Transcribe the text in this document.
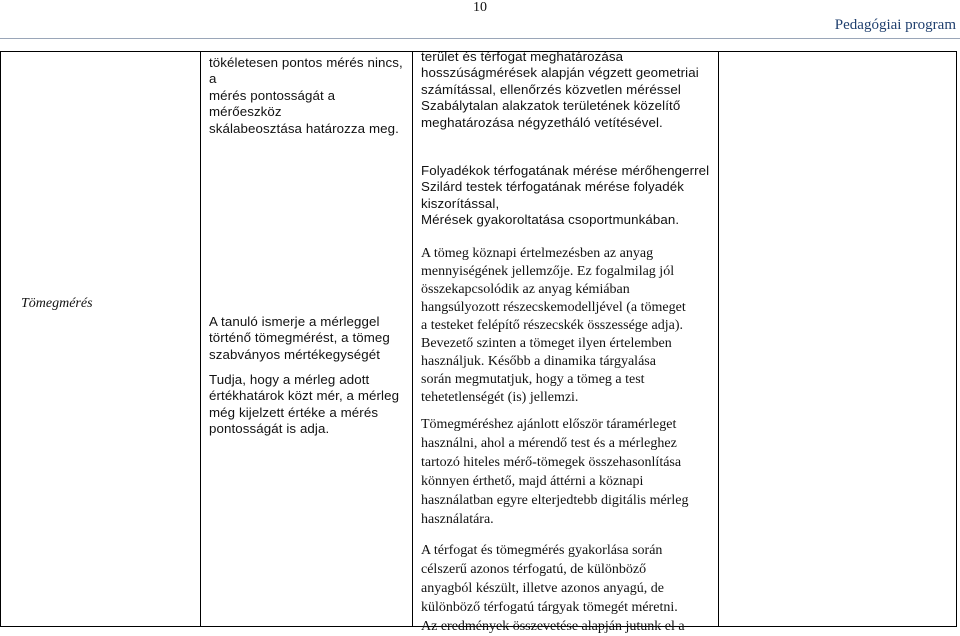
10
Pedagógiai program
Tömegmérés

tökéletesen pontos mérés nincs, a

mérés pontosságát a mérőeszköz

skálabeosztása határozza meg.

A tanuló ismerje a mérleggel

történő tömegmérést, a tömeg

szabványos mértékegységét

Tudja, hogy a mérleg adott

értékhatárok közt mér, a mérleg

még kijelzett értéke a mérés

pontosságát is adja.

terület és térfogat meghatározása

hosszúságmérések alapján végzett geometriai

számítással, ellenőrzés közvetlen méréssel

Szabálytalan alakzatok területének közelítő

meghatározása négyzetháló vetítésével.

Folyadékok térfogatának mérése mérőhengerrel

Szilárd testek térfogatának mérése folyadék

kiszorítással,

Mérések gyakoroltatása csoportmunkában.

A tömeg köznapi értelmezésben az anyag

mennyiségének jellemzője. Ez fogalmilag jól

összekapcsolódik az anyag kémiában

hangsúlyozott részecskemodelljével (a tömeget

a testeket felépítő részecskék összessége adja).

Bevezető szinten a tömeget ilyen értelemben

használjuk. Később a dinamika tárgyalása

során megmutatjuk, hogy a tömeg a test

tehetetlenségét (is) jellemzi.

Tömegméréshez ajánlott először táramérleget

használni, ahol a mérendő test és a mérleghez

tartozó hiteles mérő-tömegek összehasonlítása

könnyen érthető, majd áttérni a köznapi

használatban egyre elterjedtebb digitális mérleg

használatára.

A térfogat és tömegmérés gyakorlása során

célszerű azonos térfogatú, de különböző

anyagból készült, illetve azonos anyagú, de

különböző térfogatú tárgyak tömegét méretni.

Az eredmények összevetése alapján jutunk el a
